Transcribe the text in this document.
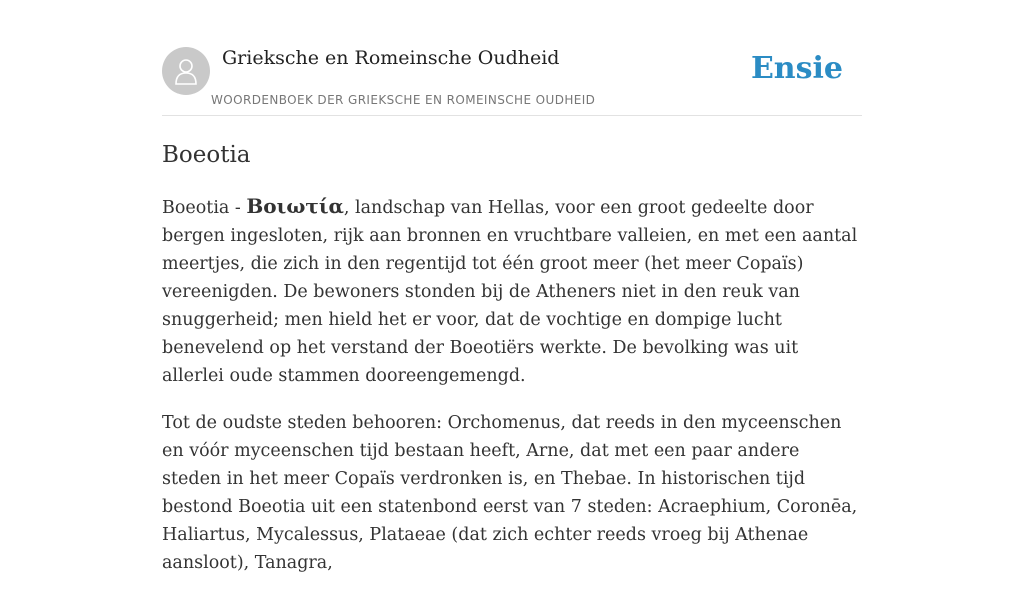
Grieksche en Romeinsche Oudheid
WOORDENBOEK DER GRIEKSCHE EN ROMEINSCHE OUDHEID
Ensie
Boeotia

Boeotia - Βοιωτία, landschap van Hellas, voor een groot gedeelte door bergen ingesloten, rijk aan bronnen en vruchtbare valleien, en met een aantal meertjes, die zich in den regentijd tot één groot meer (het meer Copaïs) vereenigden. De bewoners stonden bij de Atheners niet in den reuk van snuggerheid; men hield het er voor, dat de vochtige en dompige lucht benevelend op het verstand der Boeotiërs werkte. De bevolking was uit allerlei oude stammen dooreengemengd.

Tot de oudste steden behooren: Orchomenus, dat reeds in den myceenschen en vóór myceenschen tijd bestaan heeft, Arne, dat met een paar andere steden in het meer Copaïs verdronken is, en Thebae. In historischen tijd bestond Boeotia uit een statenbond eerst van 7 steden: Acraephium, Coronēa, Haliartus, Mycalessus, Plataeae (dat zich echter reeds vroeg bij Athenae aansloot), Tanagra,
